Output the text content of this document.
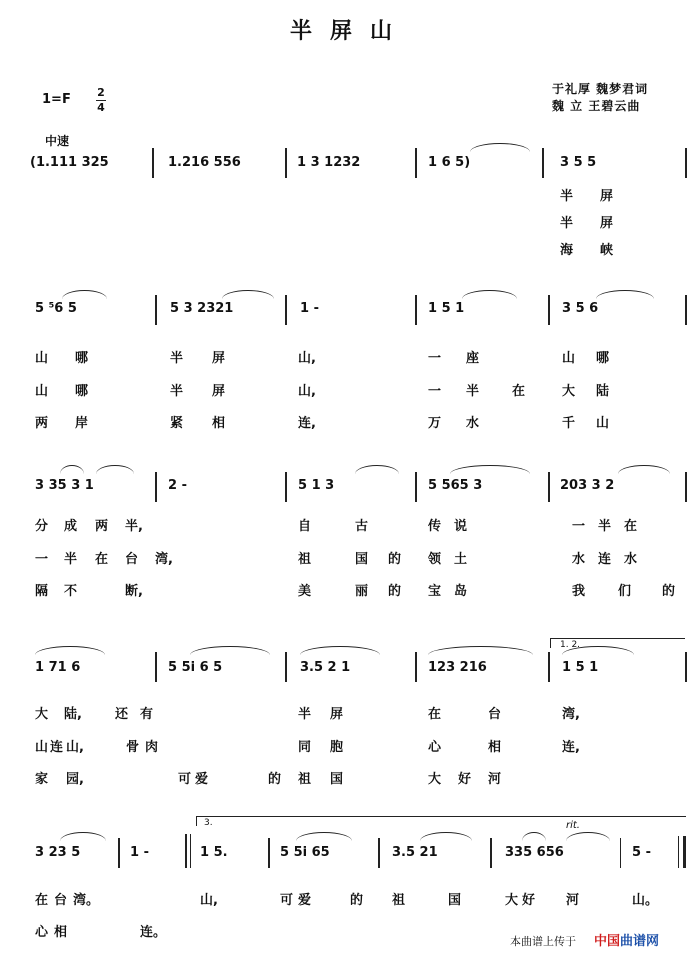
半屏山
于礼厚 魏梦君词
魏 立 王碧云曲
1=F 2
4
中速
(1.111 325	1.216 556	1 3 1232	1 6 5)	3 5 5
半 屏
半 屏
海 峡
5 ⁵6 5	5 3 2321	1 -	1 5 1	3 5 6
山 哪	半 屏	山,	一 座	山 哪
山 哪	半 屏	山,	一 半	在	大 陆
两 岸	紧 相	连,	万 水	千 山
3 35 3 1	2 -	5 1 3	5 565 3	203 3 2
分 成 两 半,	自	古	传 说	一 半 在
一 半 在 台 湾,	祖	国 的 领 土	水 连 水
隔 不	断,	美	丽 的 宝 岛	我	们 的
1. 2.
1 71 6	5 5i 6 5	3.5 2 1	123 216	1 5 1
大 陆,	还 有	半 屏	在	台	湾,
山 连 山,	骨 肉	同 胞	心	相	连,
家 园,	可 爱	的 祖 国	大 好 河
3.	rit.
3 23 5	1 -	1 5.	5 5i 65	3.5 21	335 656	5 -
在 台 湾。	山,	可 爱	的 祖	国	大 好 河	山。
心 相	连。
本曲谱上传于 中国曲谱网
